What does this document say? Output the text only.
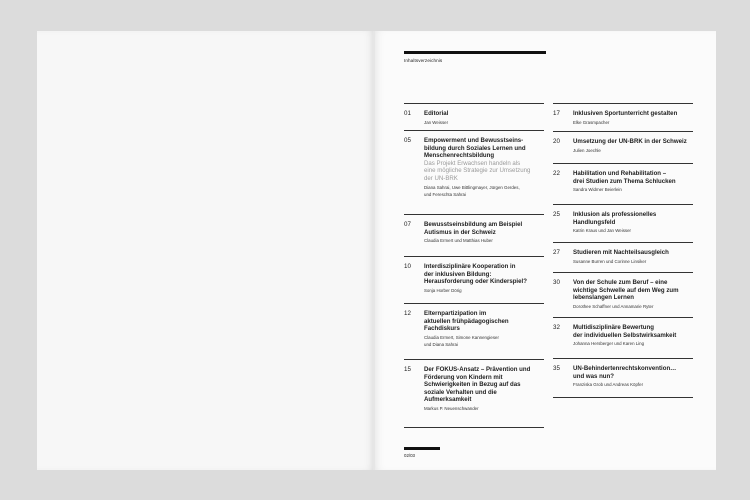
Inhaltsverzeichnis
01 Editorial
Jan Weisser
05 Empowerment und Bewusstseins-
bildung durch Soziales Lernen und
Menschenrechtsbildung
Das Projekt Erwachsen handeln als
eine mögliche Strategie zur Umsetzung
der UN-BRK
Diana Sahrai, Uwe Bittlingmayer, Jürgen Gerdes,
und Fereschta Sahrai
07 Bewusstseinsbildung am Beispiel
Autismus in der Schweiz
Claudia Ermert und Matthias Huber
10 Interdisziplinäre Kooperation in
der inklusiven Bildung:
Herausforderung oder Kinderspiel?
Sonja Horber Dörig
12 Elternpartizipation im
aktuellen frühpädagogischen
Fachdiskurs
Claudia Ermert, Simone Kannengieser
und Diana Sahrai
15 Der FOKUS-Ansatz – Prävention und
Förderung von Kindern mit
Schwierigkeiten in Bezug auf das
soziale Verhalten und die
Aufmerksamkeit
Markus P. Neuenschwander
17 Inklusiven Sportunterricht gestalten
Elke Grasmpacher
20 Umsetzung der UN-BRK in der Schweiz
Julien Joechle
22 Habilitation und Rehabilitation –
drei Studien zum Thema Schlucken
Sandra Widmer Beierlein
25 Inklusion als professionelles
Handlungsfeld
Katrin Kraus und Jan Weisser
27 Studieren mit Nachteilsausgleich
Susanne Burren und Corinne Linsiker
30 Von der Schule zum Beruf – eine
wichtige Schwelle auf dem Weg zum
lebenslangen Lernen
Dorothee Schaffner und Annamarie Ryter
32 Multidisziplinäre Bewertung
der individuellen Selbstwirksamkeit
Johanna Hersberger und Karen Ling
35 UN-Behindertenrechtskonvention…
und was nun?
Franziska Grob und Andreas Köpfer
02/03
